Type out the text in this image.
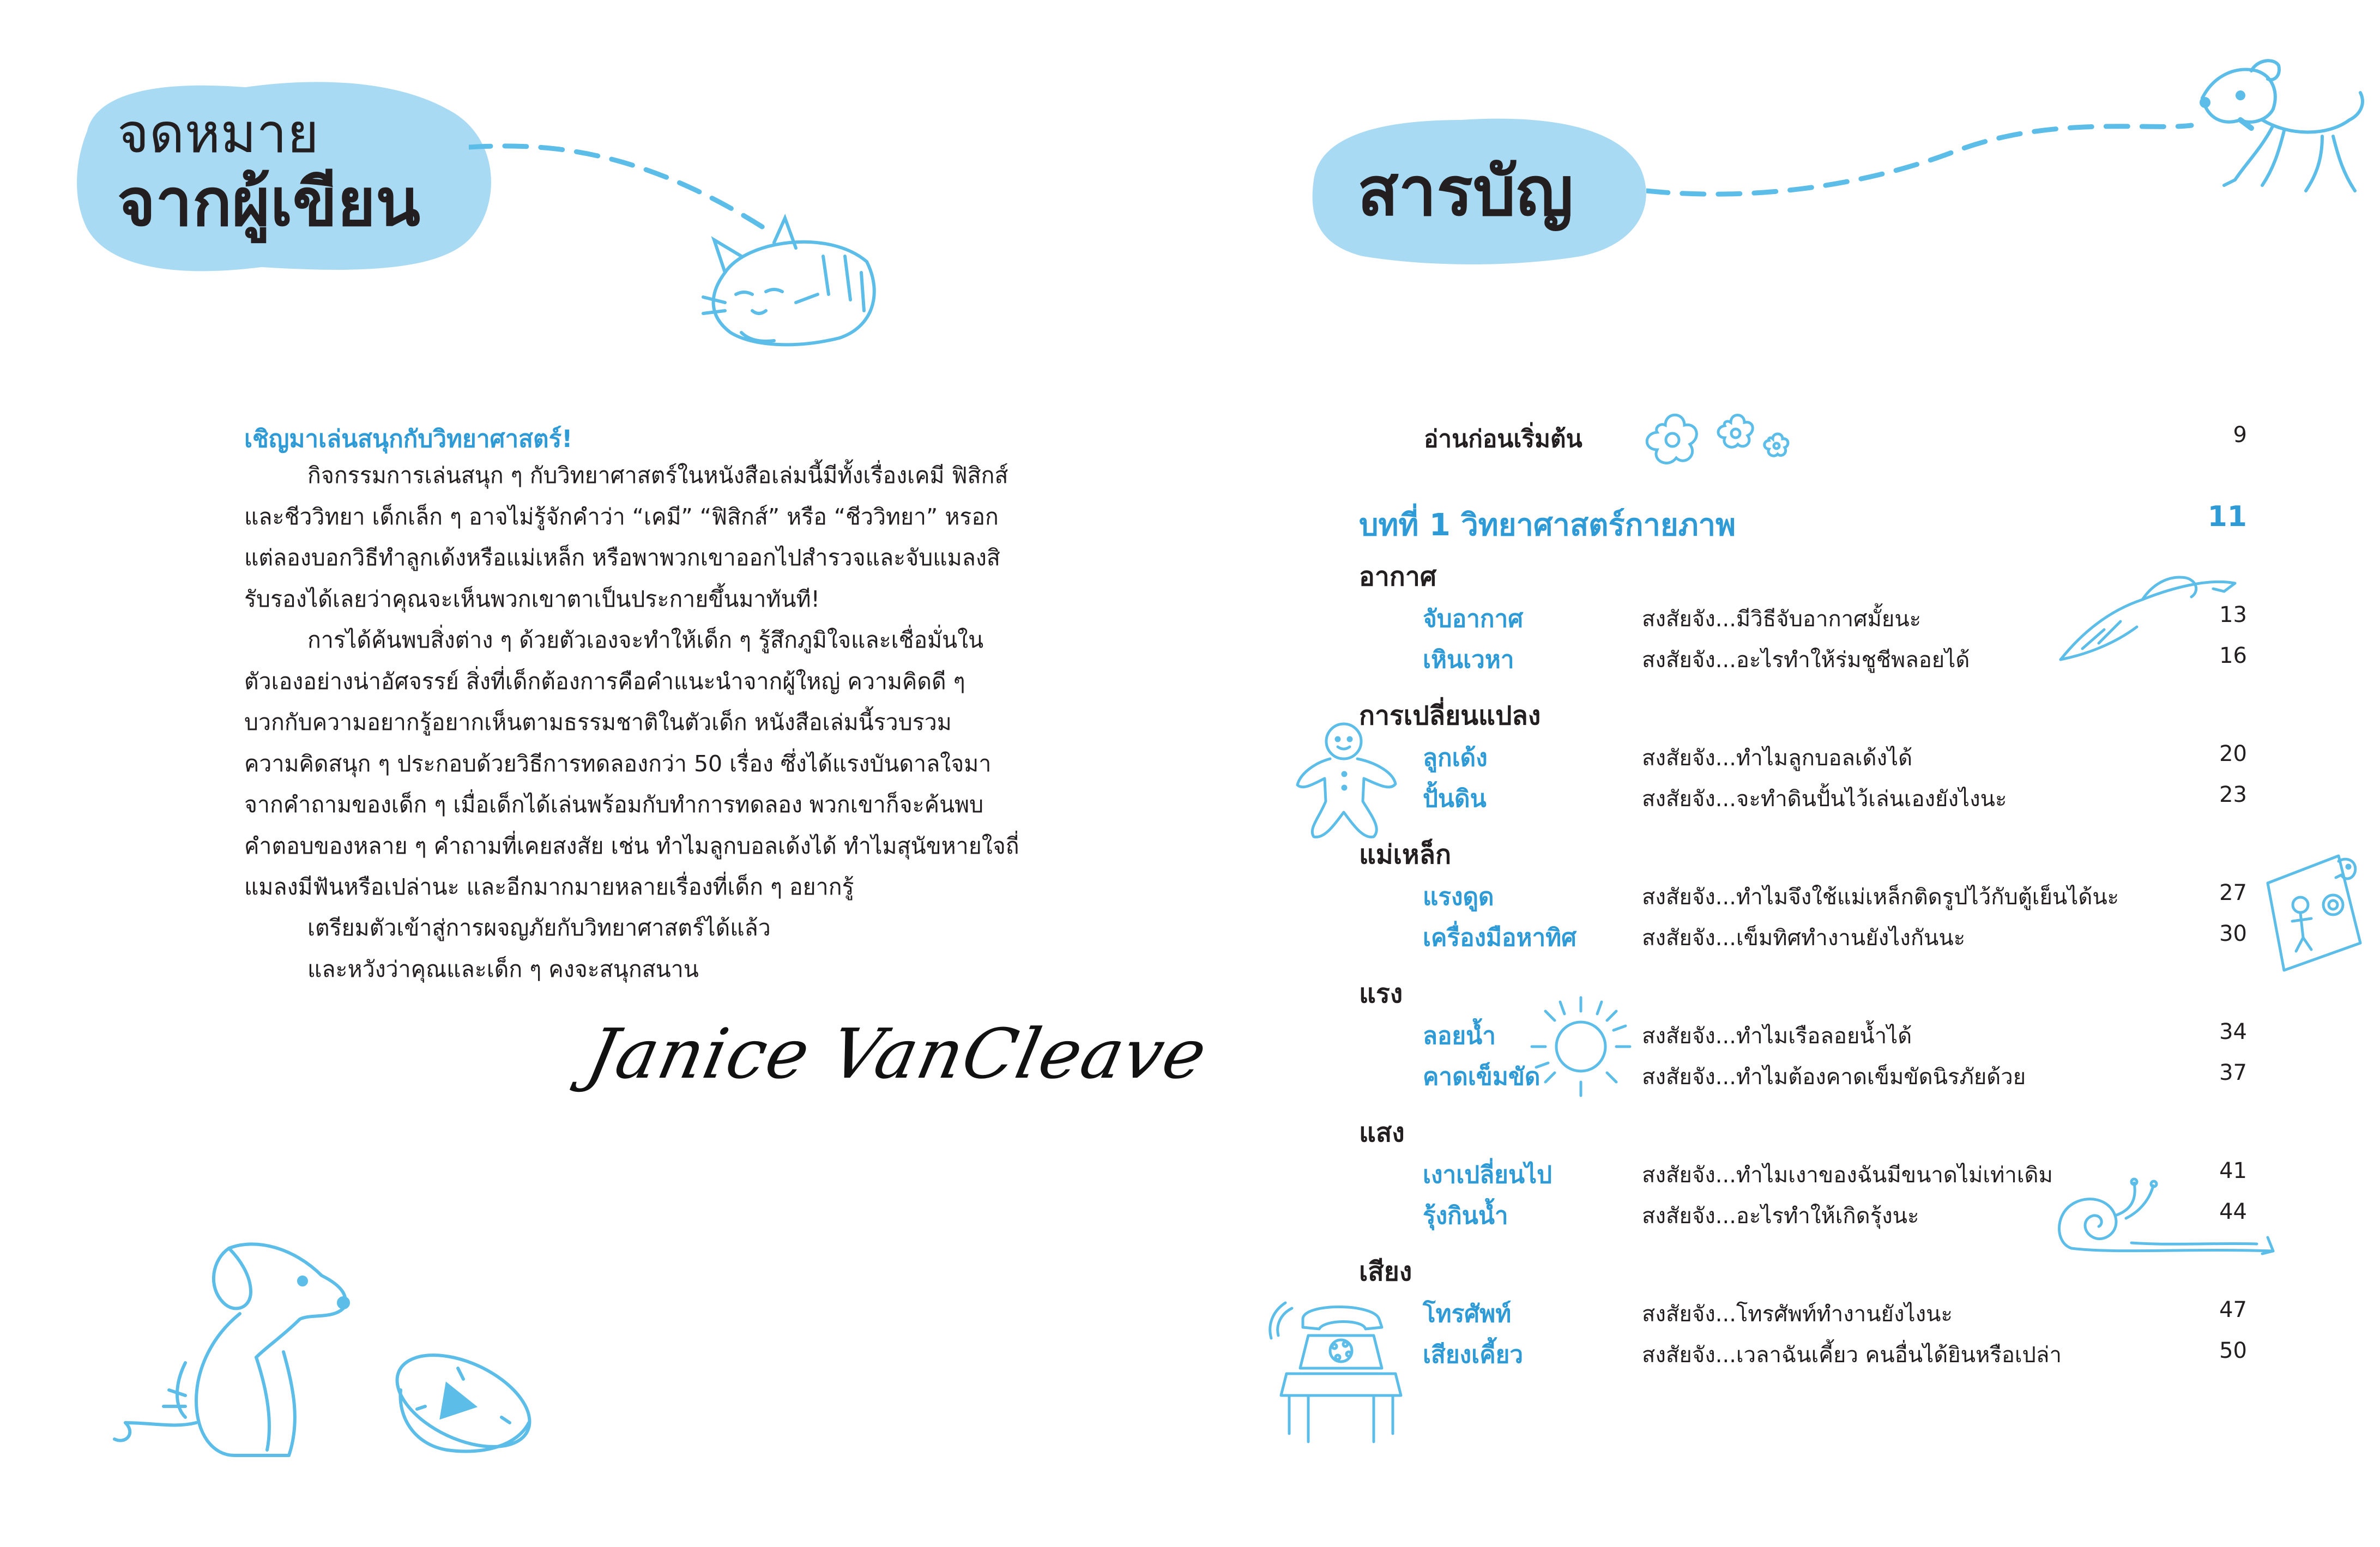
จดหมาย
จากผู้เขียน
เชิญมาเล่นสนุกกับวิทยาศาสตร์!
กิจกรรมการเล่นสนุก ๆ กับวิทยาศาสตร์ในหนังสือเล่มนี้มีทั้งเรื่องเคมี ฟิสิกส์
และชีววิทยา เด็กเล็ก ๆ อาจไม่รู้จักคำว่า “เคมี” “ฟิสิกส์” หรือ “ชีววิทยา” หรอก
แต่ลองบอกวิธีทำลูกเด้งหรือแม่เหล็ก หรือพาพวกเขาออกไปสำรวจและจับแมลงสิ
รับรองได้เลยว่าคุณจะเห็นพวกเขาตาเป็นประกายขึ้นมาทันที!
การได้ค้นพบสิ่งต่าง ๆ ด้วยตัวเองจะทำให้เด็ก ๆ รู้สึกภูมิใจและเชื่อมั่นใน
ตัวเองอย่างน่าอัศจรรย์ สิ่งที่เด็กต้องการคือคำแนะนำจากผู้ใหญ่ ความคิดดี ๆ
บวกกับความอยากรู้อยากเห็นตามธรรมชาติในตัวเด็ก หนังสือเล่มนี้รวบรวม
ความคิดสนุก ๆ ประกอบด้วยวิธีการทดลองกว่า 50 เรื่อง ซึ่งได้แรงบันดาลใจมา
จากคำถามของเด็ก ๆ เมื่อเด็กได้เล่นพร้อมกับทำการทดลอง พวกเขาก็จะค้นพบ
คำตอบของหลาย ๆ คำถามที่เคยสงสัย เช่น ทำไมลูกบอลเด้งได้ ทำไมสุนัขหายใจถี่
แมลงมีฟันหรือเปล่านะ และอีกมากมายหลายเรื่องที่เด็ก ๆ อยากรู้
เตรียมตัวเข้าสู่การผจญภัยกับวิทยาศาสตร์ได้แล้ว
และหวังว่าคุณและเด็ก ๆ คงจะสนุกสนาน
Janice VanCleave
สารบัญ
อ่านก่อนเริ่มต้น	9
บทที่ 1 วิทยาศาสตร์กายภาพ	11
อากาศ
จับอากาศ	สงสัยจัง...มีวิธีจับอากาศมั้ยนะ	13
เหินเวหา	สงสัยจัง...อะไรทำให้ร่มชูชีพลอยได้	16
การเปลี่ยนแปลง
ลูกเด้ง	สงสัยจัง...ทำไมลูกบอลเด้งได้	20
ปั้นดิน	สงสัยจัง...จะทำดินปั้นไว้เล่นเองยังไงนะ	23
แม่เหล็ก
แรงดูด	สงสัยจัง...ทำไมจึงใช้แม่เหล็กติดรูปไว้กับตู้เย็นได้นะ	27
เครื่องมือหาทิศ	สงสัยจัง...เข็มทิศทำงานยังไงกันนะ	30
แรง
ลอยน้ำ	สงสัยจัง...ทำไมเรือลอยน้ำได้	34
คาดเข็มขัด	สงสัยจัง...ทำไมต้องคาดเข็มขัดนิรภัยด้วย	37
แสง
เงาเปลี่ยนไป	สงสัยจัง...ทำไมเงาของฉันมีขนาดไม่เท่าเดิม	41
รุ้งกินน้ำ	สงสัยจัง...อะไรทำให้เกิดรุ้งนะ	44
เสียง
โทรศัพท์	สงสัยจัง...โทรศัพท์ทำงานยังไงนะ	47
เสียงเคี้ยว	สงสัยจัง...เวลาฉันเคี้ยว คนอื่นได้ยินหรือเปล่า	50
